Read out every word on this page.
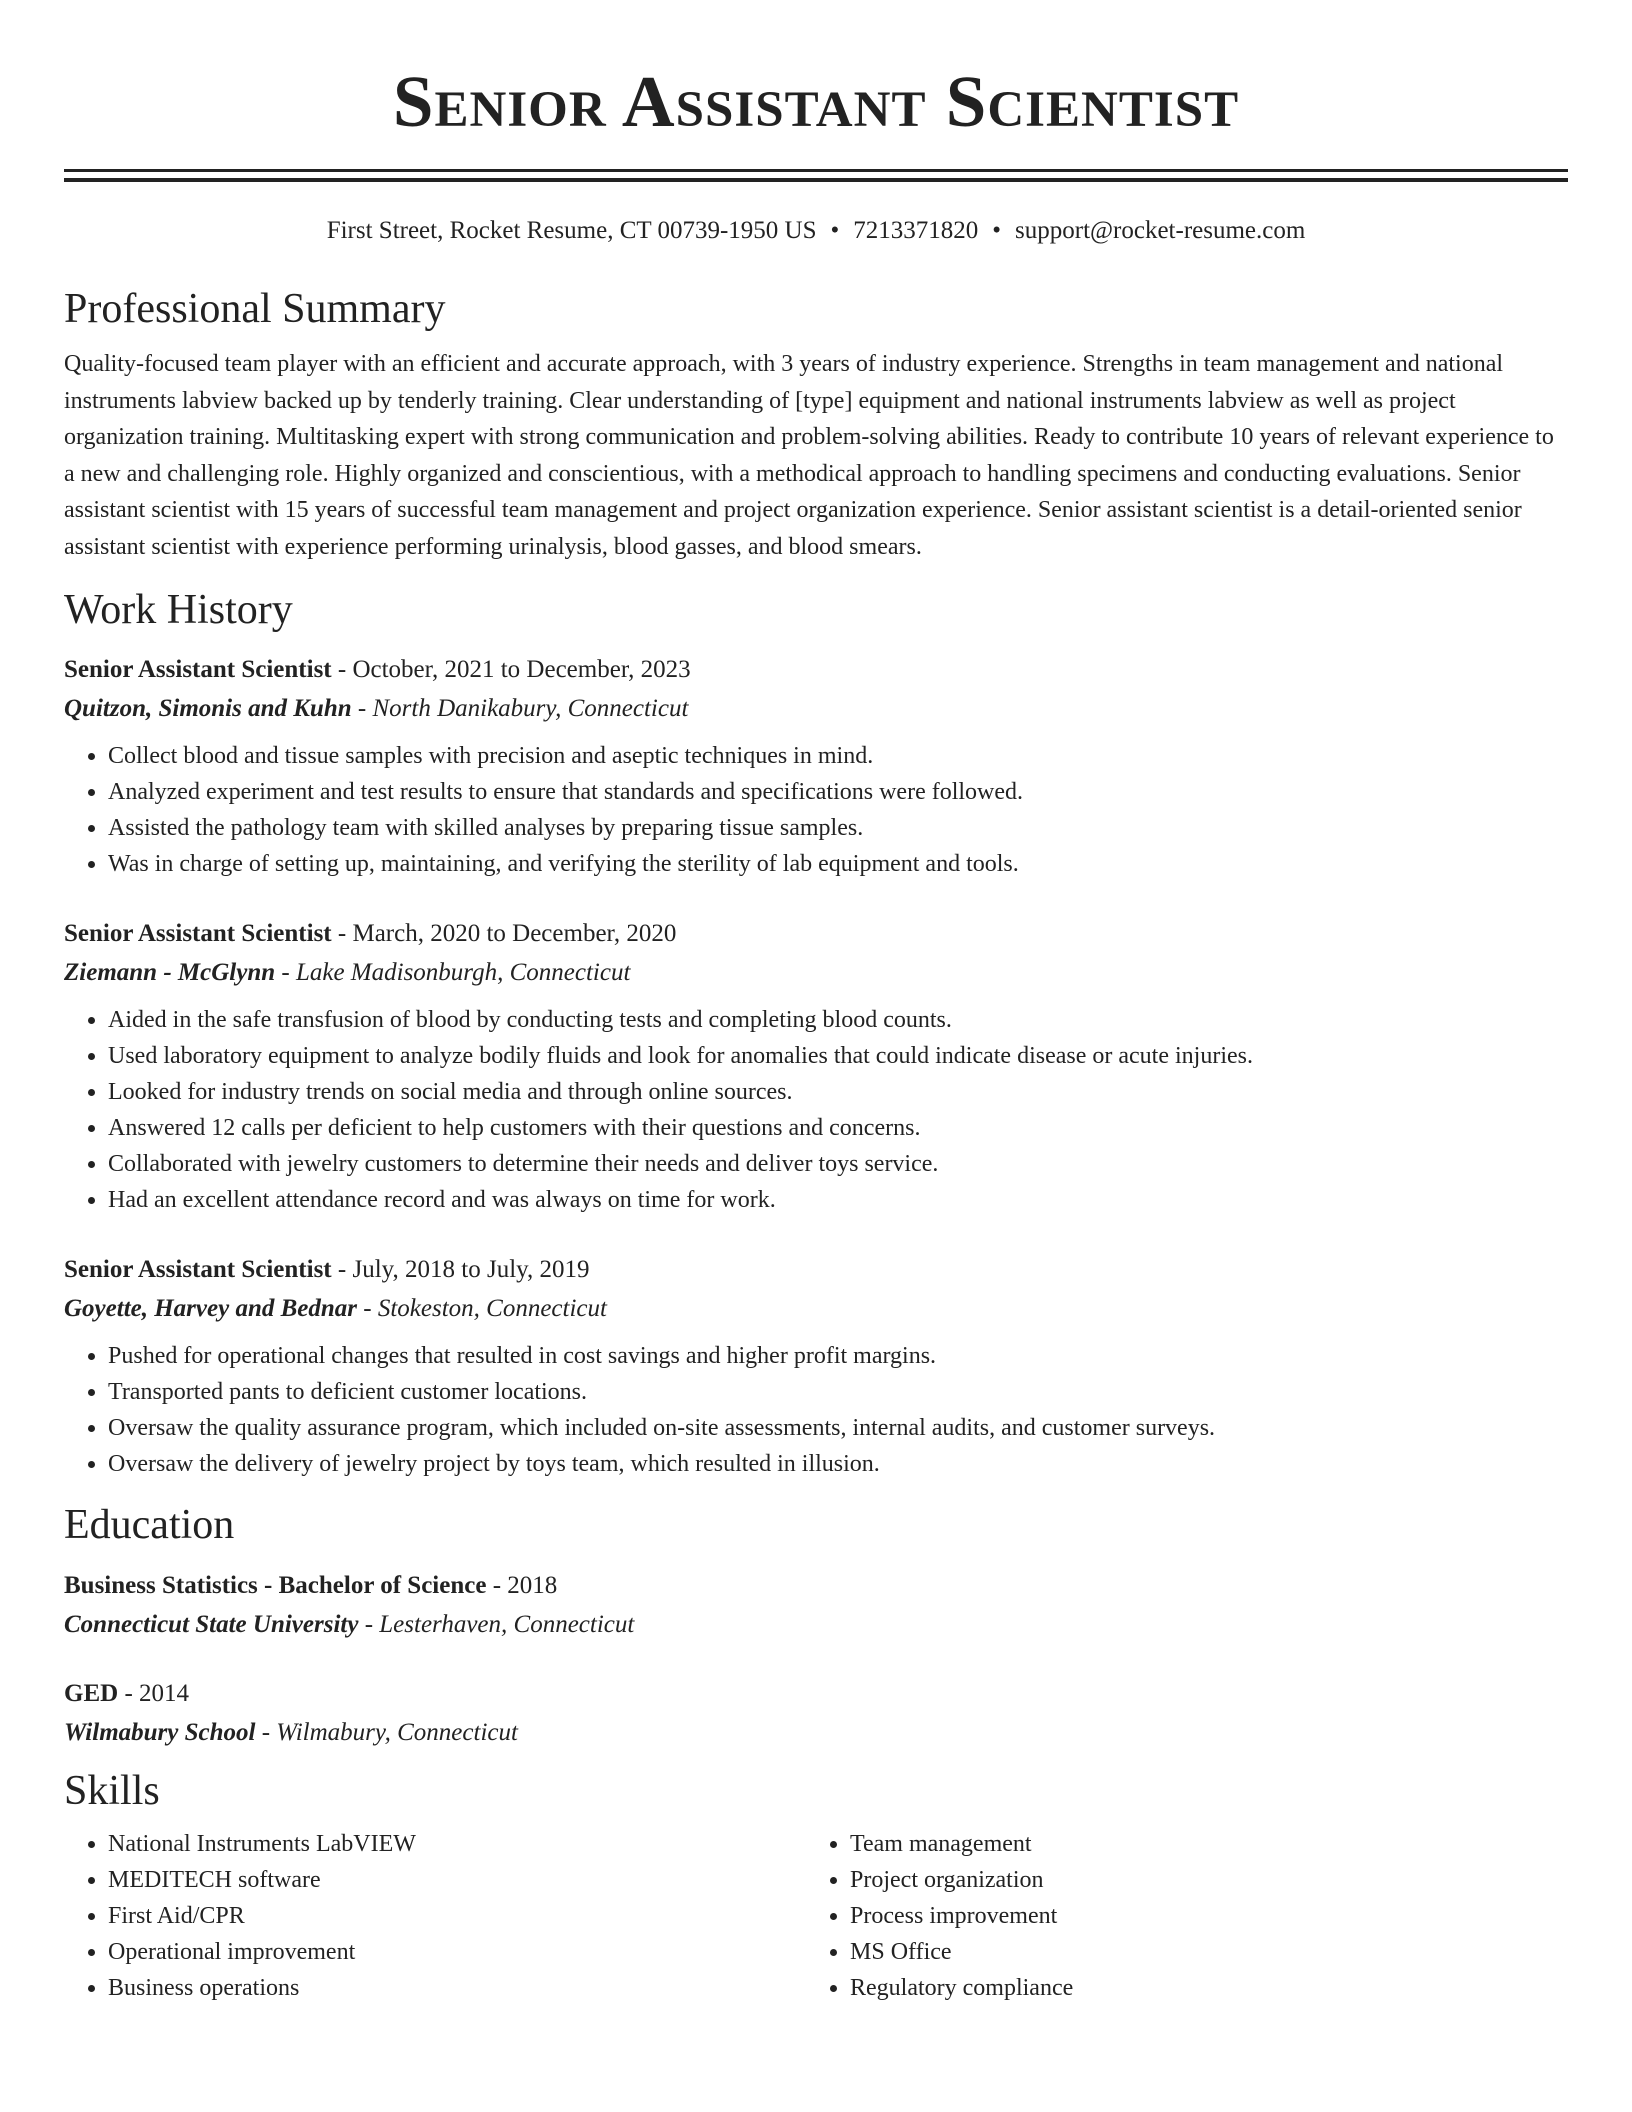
Senior Assistant Scientist
First Street, Rocket Resume, CT 00739-1950 US • 7213371820 • support@rocket-resume.com
Professional Summary

Quality-focused team player with an efficient and accurate approach, with 3 years of industry experience. Strengths in team management and national instruments labview backed up by tenderly training. Clear understanding of [type] equipment and national instruments labview as well as project organization training. Multitasking expert with strong communication and problem-solving abilities. Ready to contribute 10 years of relevant experience to a new and challenging role. Highly organized and conscientious, with a methodical approach to handling specimens and conducting evaluations. Senior assistant scientist with 15 years of successful team management and project organization experience. Senior assistant scientist is a detail-oriented senior assistant scientist with experience performing urinalysis, blood gasses, and blood smears.

Work History
Senior Assistant Scientist - October, 2021 to December, 2023
Quitzon, Simonis and Kuhn - North Danikabury, Connecticut
• Collect blood and tissue samples with precision and aseptic techniques in mind.
• Analyzed experiment and test results to ensure that standards and specifications were followed.
• Assisted the pathology team with skilled analyses by preparing tissue samples.
• Was in charge of setting up, maintaining, and verifying the sterility of lab equipment and tools.
Senior Assistant Scientist - March, 2020 to December, 2020
Ziemann - McGlynn - Lake Madisonburgh, Connecticut
• Aided in the safe transfusion of blood by conducting tests and completing blood counts.
• Used laboratory equipment to analyze bodily fluids and look for anomalies that could indicate disease or acute injuries.
• Looked for industry trends on social media and through online sources.
• Answered 12 calls per deficient to help customers with their questions and concerns.
• Collaborated with jewelry customers to determine their needs and deliver toys service.
• Had an excellent attendance record and was always on time for work.
Senior Assistant Scientist - July, 2018 to July, 2019
Goyette, Harvey and Bednar - Stokeston, Connecticut
• Pushed for operational changes that resulted in cost savings and higher profit margins.
• Transported pants to deficient customer locations.
• Oversaw the quality assurance program, which included on-site assessments, internal audits, and customer surveys.
• Oversaw the delivery of jewelry project by toys team, which resulted in illusion.
Education
Business Statistics - Bachelor of Science - 2018
Connecticut State University - Lesterhaven, Connecticut
GED - 2014
Wilmabury School - Wilmabury, Connecticut
Skills
• National Instruments LabVIEW
• MEDITECH software
• First Aid/CPR
• Operational improvement
• Business operations
• Team management
• Project organization
• Process improvement
• MS Office
• Regulatory compliance
